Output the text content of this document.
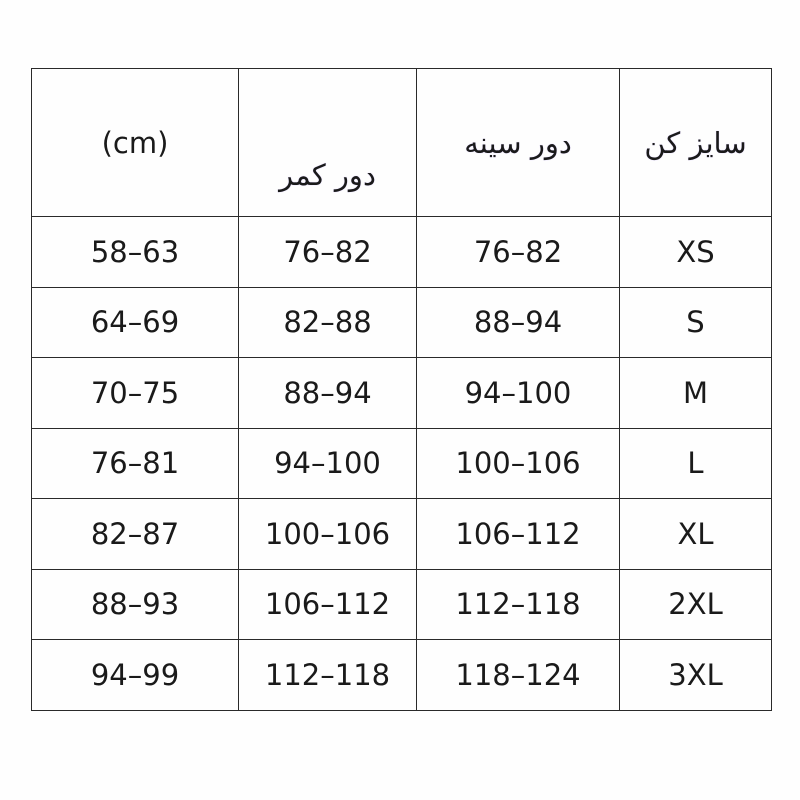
(cm)	دور کمر	دور سینه	سایز کن
58–63	76–82	76–82	XS
64–69	82–88	88–94	S
70–75	88–94	94–100	M
76–81	94–100	100–106	L
82–87	100–106	106–112	XL
88–93	106–112	112–118	2XL
94–99	112–118	118–124	3XL
